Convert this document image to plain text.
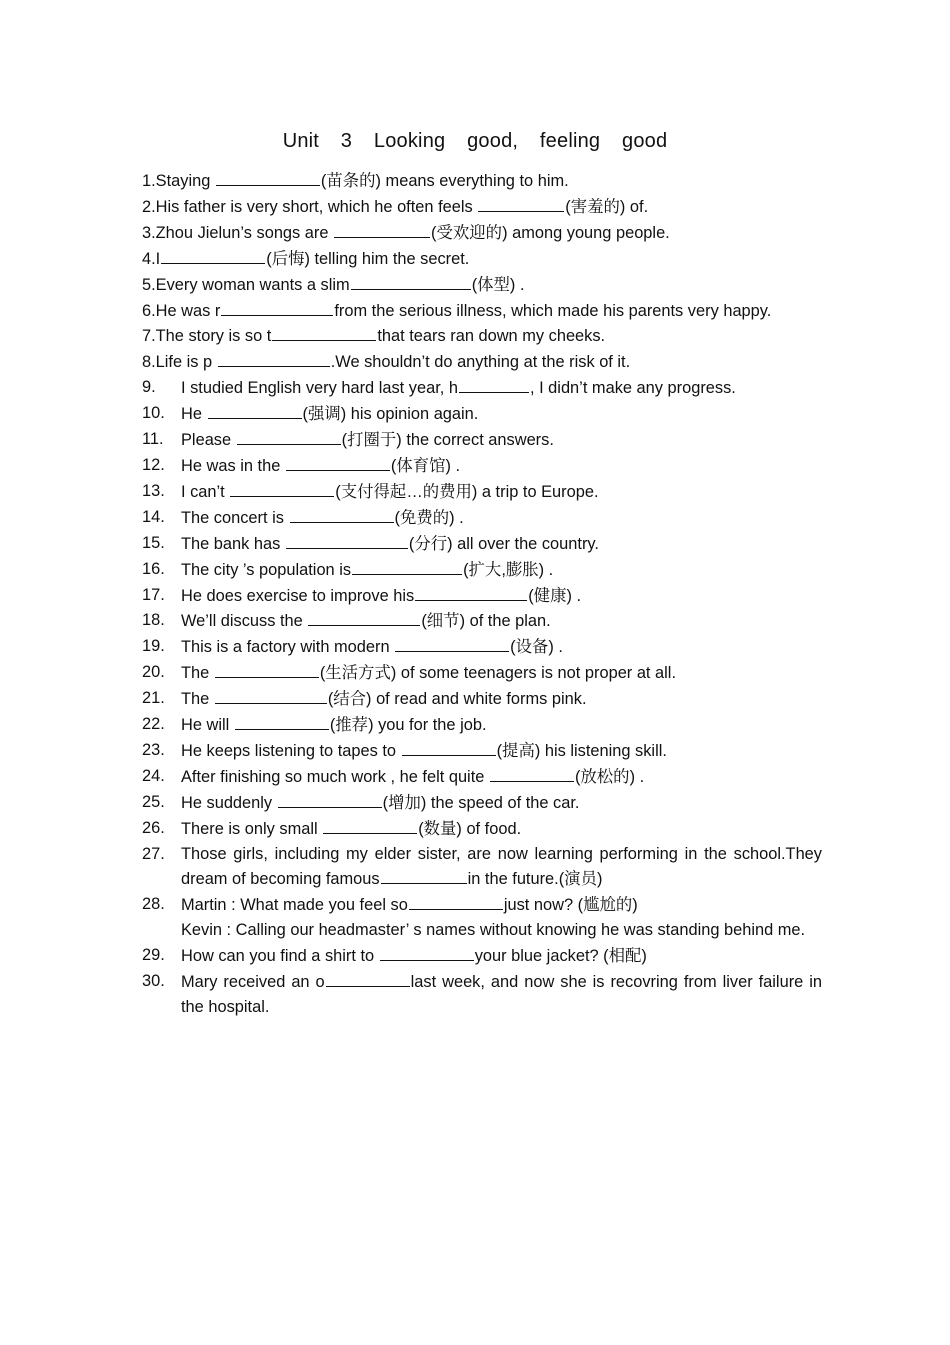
Unit 3 Looking good, feeling good
1.Staying	(苗条的) means everything to him.
2.His father is very short, which he often feels	(害羞的) of.
3.Zhou Jielun’s songs are	(受欢迎的) among young people.
4.I	(后悔) telling him the secret.
5.Every woman wants a slim	(体型) .
6.He was r	from the serious illness, which made his parents very happy.
7.The story is so t	that tears ran down my cheeks.
8.Life is p	.We shouldn’t do anything at the risk of it.
9. I studied English very hard last year, h	, I didn’t make any progress.
10. He	(强调) his opinion again.
11. Please	(打圈于) the correct answers.
12. He was in the	(体育馆) .
13. I can’t	(支付得起…的费用) a trip to Europe.
14. The concert is	(免费的) .
15. The bank has	(分行) all over the country.
16. The city ’s population is	(扩大,膨胀) .
17. He does exercise to improve his	(健康) .
18. We’ll discuss the	(细节) of the plan.
19. This is a factory with modern	(设备) .
20. The	(生活方式) of some teenagers is not proper at all.
21. The	(结合) of read and white forms pink.
22. He will	(推荐) you for the job.
23. He keeps listening to tapes to	(提高) his listening skill.
24. After finishing so much work , he felt quite	(放松的) .
25. He suddenly	(增加) the speed of the car.
26. There is only small	(数量) of food.
27. Those girls, including my elder sister, are now learning performing in the school.They dream of becoming famous	in the future.(演员)
28. Martin : What made you feel so	just now? (尴尬的)
Kevin : Calling our headmaster’ s names without knowing he was standing behind me.
29. How can you find a shirt to	your blue jacket? (相配)
30. Mary received an o	last week, and now she is recovring from liver failure in the hospital.
